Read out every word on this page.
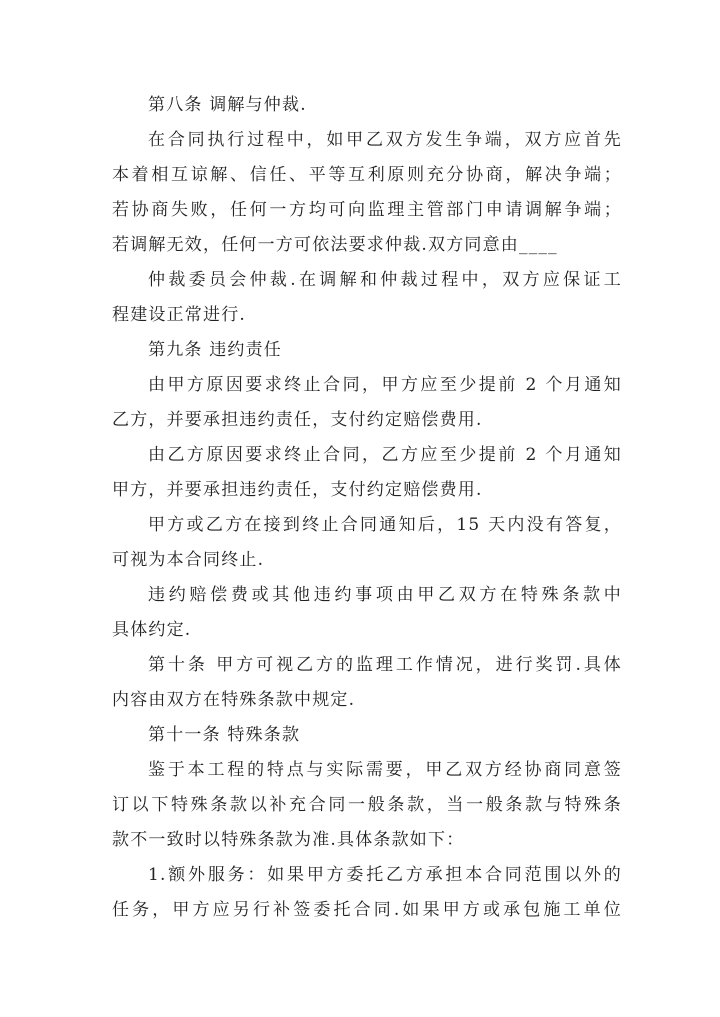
第八条 调解与仲裁.
在合同执行过程中，如甲乙双方发生争端，双方应首先
本着相互谅解、信任、平等互利原则充分协商，解决争端；
若协商失败，任何一方均可向监理主管部门申请调解争端；
若调解无效，任何一方可依法要求仲裁.双方同意由____
仲裁委员会仲裁.在调解和仲裁过程中，双方应保证工
程建设正常进行.
第九条 违约责任
由甲方原因要求终止合同，甲方应至少提前 2 个月通知
乙方，并要承担违约责任，支付约定赔偿费用.
由乙方原因要求终止合同，乙方应至少提前 2 个月通知
甲方，并要承担违约责任，支付约定赔偿费用.
甲方或乙方在接到终止合同通知后，15 天内没有答复，
可视为本合同终止.
违约赔偿费或其他违约事项由甲乙双方在特殊条款中
具体约定.
第十条 甲方可视乙方的监理工作情况，进行奖罚.具体
内容由双方在特殊条款中规定.
第十一条 特殊条款
鉴于本工程的特点与实际需要，甲乙双方经协商同意签
订以下特殊条款以补充合同一般条款，当一般条款与特殊条
款不一致时以特殊条款为准.具体条款如下：
1.额外服务：如果甲方委托乙方承担本合同范围以外的
任务，甲方应另行补签委托合同.如果甲方或承包施工单位
